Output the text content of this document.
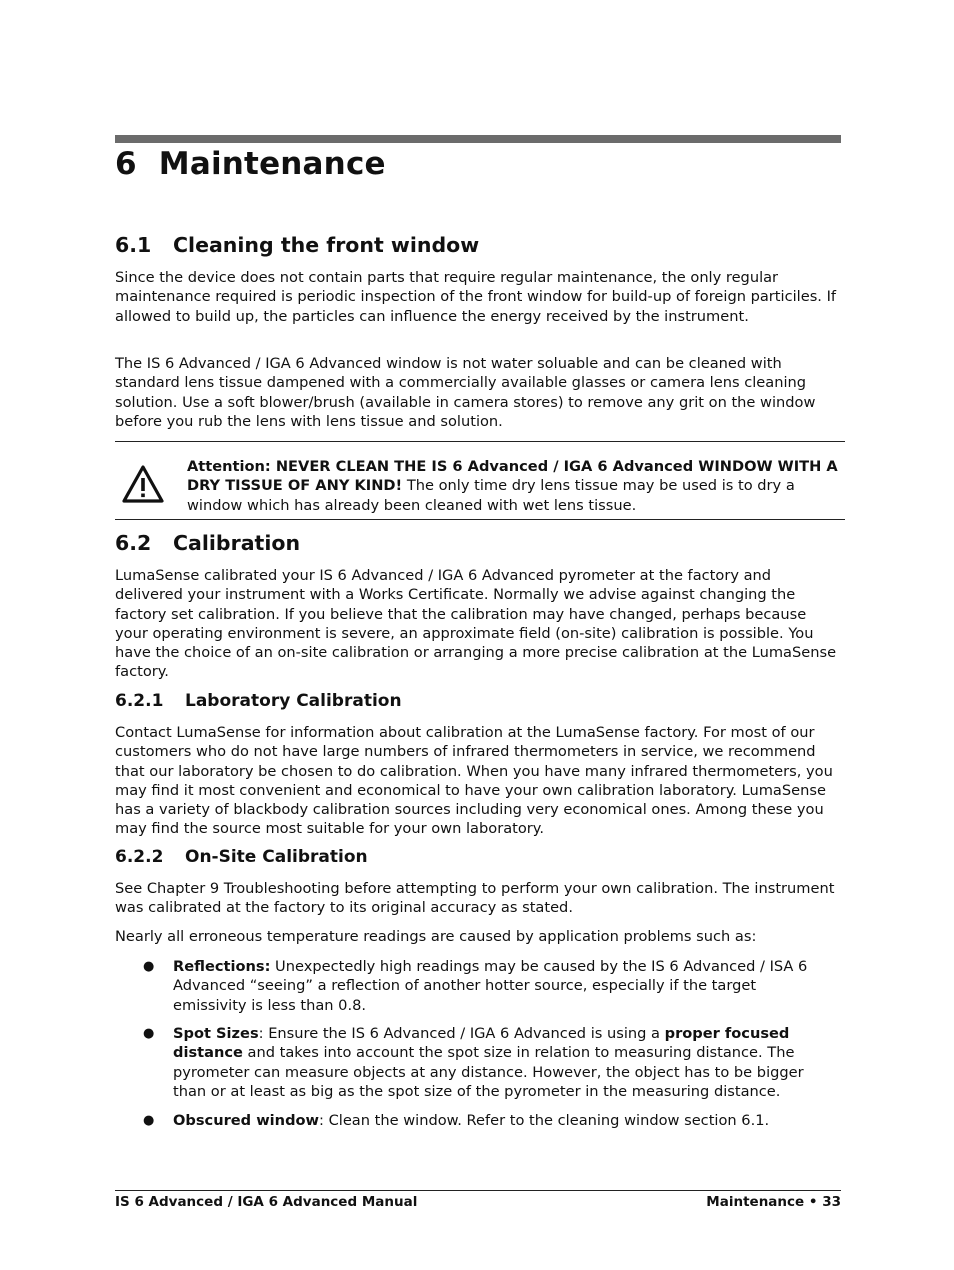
6 Maintenance
6.1 Cleaning the front window

Since the device does not contain parts that require regular maintenance, the only regular maintenance required is periodic inspection of the front window for build-up of foreign particiles. If allowed to build up, the particles can influence the energy received by the instrument.

The IS 6 Advanced / IGA 6 Advanced window is not water soluable and can be cleaned with standard lens tissue dampened with a commercially available glasses or camera lens cleaning solution. Use a soft blower/brush (available in camera stores) to remove any grit on the window before you rub the lens with lens tissue and solution.

Attention: NEVER CLEAN THE IS 6 Advanced / IGA 6 Advanced WINDOW WITH A DRY TISSUE OF ANY KIND! The only time dry lens tissue may be used is to dry a window which has already been cleaned with wet lens tissue.

6.2 Calibration

LumaSense calibrated your IS 6 Advanced / IGA 6 Advanced pyrometer at the factory and delivered your instrument with a Works Certificate. Normally we advise against changing the factory set calibration. If you believe that the calibration may have changed, perhaps because your operating environment is severe, an approximate field (on-site) calibration is possible. You have the choice of an on-site calibration or arranging a more precise calibration at the LumaSense factory.

6.2.1 Laboratory Calibration

Contact LumaSense for information about calibration at the LumaSense factory. For most of our customers who do not have large numbers of infrared thermometers in service, we recommend that our laboratory be chosen to do calibration. When you have many infrared thermometers, you may find it most convenient and economical to have your own calibration laboratory. LumaSense has a variety of blackbody calibration sources including very economical ones. Among these you may find the source most suitable for your own laboratory.

6.2.2 On-Site Calibration

See Chapter 9 Troubleshooting before attempting to perform your own calibration. The instrument was calibrated at the factory to its original accuracy as stated.

Nearly all erroneous temperature readings are caused by application problems such as:

● Reflections: Unexpectedly high readings may be caused by the IS 6 Advanced / ISA 6 Advanced “seeing” a reflection of another hotter source, especially if the target emissivity is less than 0.8.

● Spot Sizes: Ensure the IS 6 Advanced / IGA 6 Advanced is using a proper focused distance and takes into account the spot size in relation to measuring distance. The pyrometer can measure objects at any distance. However, the object has to be bigger than or at least as big as the spot size of the pyrometer in the measuring distance.

● Obscured window: Clean the window. Refer to the cleaning window section 6.1.

IS 6 Advanced / IGA 6 Advanced Manual	Maintenance • 33
